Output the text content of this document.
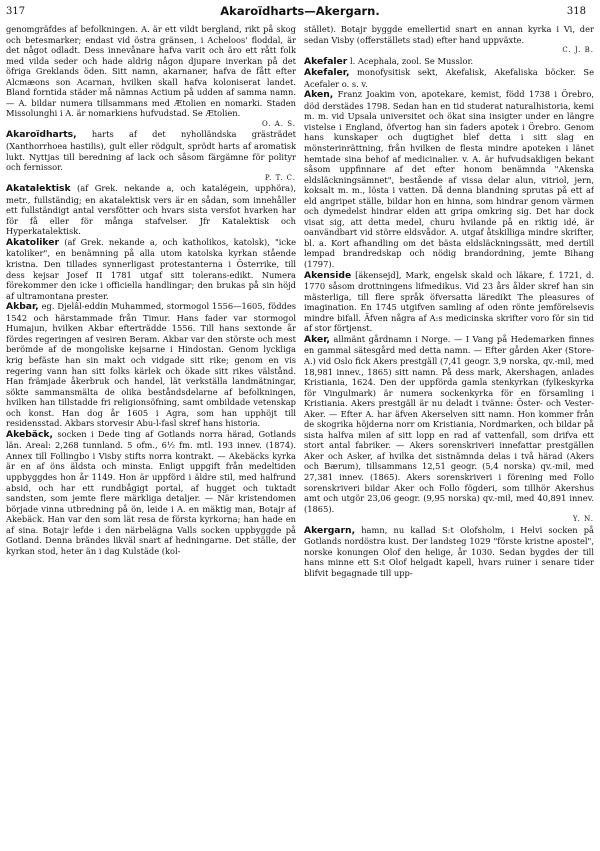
317	Akaroïdharts—Akergarn.	318

genomgräfdes af befolkningen. A. är ett vildt bergland, rikt på skog och betesmarker; endast vid östra gränsen, i Acheloos' floddal, är det något odladt. Dess innevånare hafva varit och äro ett rått folk med vilda seder och hade aldrig någon djupare inverkan på det öfriga Greklands öden. Sitt namn, akarnaner, hafva de fått efter Alcmæons son Acarnan, hvilken skall hafva koloniserat landet. Bland forntida städer må nämnas Actium på udden af samma namn. — A. bildar numera tillsammans med Ætolien en nomarki. Staden Missolunghi i A. är nomarkiens hufvudstad. Se Ætolien.
O. A. S.

Akaroïdharts, harts af det nyholländska grästrädet (Xanthorrhoea hastilis), gult eller rödgult, sprödt harts af aromatisk lukt. Nyttjas till beredning af lack och såsom färgämne för polityr och fernissor.
P. T. C.

Akatalektisk (af Grek. nekande a, och katalégein, upphöra), metr., fullständig; en akatalektisk vers är en sådan, som innehåller ett fullständigt antal versfötter och hvars sista versfot hvarken har för få eller för många stafvelser. Jfr Katalektisk och Hyperkatalektisk.

Akatoliker (af Grek. nekande a, och katholikos, katolsk), "icke katoliker", en benämning på alla utom katolska kyrkan stående kristna. Den tillades synnerligast protestanterna i Österrike, till dess kejsar Josef II 1781 utgaf sitt tolerans-edikt. Numera förekommer den icke i officiella handlingar; den brukas på sin höjd af ultramontana prester.

Akbar, eg. Djelâl-eddin Muhammed, stormogol 1556—1605, föddes 1542 och härstammade från Timur. Hans fader var stormogol Humajun, hvilken Akbar efterträdde 1556. Till hans sextonde år fördes regeringen af vesiren Beram. Akbar var den störste och mest berömde af de mongoliske kejsarne i Hindostan. Genom lyckliga krig befäste han sin makt och vidgade sitt rike; genom en vis regering vann han sitt folks kärlek och ökade sitt rikes välstånd. Han främjade åkerbruk och handel, lät verkställa landmätningar, sökte sammansmälta de olika beståndsdelarne af befolkningen, hvilken han tillstadde fri religionsöfning, samt ombildade vetenskap och konst. Han dog år 1605 i Agra, som han upphöjt till residensstad. Akbars storvesir Abu-l-fasl skref hans historia.

Akebäck, socken i Dede ting af Gotlands norra härad, Gotlands län. Areal: 2,268 tunnland. 5 ofm., 6½ fm. mtl. 193 innev. (1874). Annex till Follingbo i Visby stifts norra kontrakt. — Akebäcks kyrka är en af öns äldsta och minsta. Enligt uppgift från medeltiden uppbyggdes hon år 1149. Hon är uppförd i äldre stil, med halfrund absid, och har ett rundbågigt portal, af hugget och tuktadt sandsten, som jemte flere märkliga detaljer. — När kristendomen började vinna utbredning på ön, leide i A. en mäktig man, Botajr af Akebäck. Han var den som lät resa de första kyrkorna; han hade en af sina. Botajr lefde i den närbelägna Valls socken uppbyggde på Gotland. Denna brändes likväl snart af hedningarne. Det ställe, der kyrkan stod, heter än i dag Kulstäde (kol-

stället). Botajr byggde emellertid snart en annan kyrka i Vi, der sedan Visby (offerställets stad) efter hand uppväxte.
C. J. B.

Akefaler l. Acephala, zool. Se Musslor.

Akefaler, monofysitisk sekt, Akefalisk, Akefaliska böcker. Se Acefaler o. s. v.

Aken, Franz Joakim von, apotekare, kemist, född 1738 i Örebro, död derstädes 1798. Sedan han en tid studerat naturalhistoria, kemi m. m. vid Upsala universitet och ökat sina insigter under en längre vistelse i England, öfvertog han sin faders apotek i Örebro. Genom hans kunskaper och dugtighet blef detta i sitt slag en mönsterinrättning, från hvilken de flesta mindre apoteken i länet hemtade sina behof af medicinalier. v. A. är hufvudsakligen bekant såsom uppfinnare af det efter honom benämnda "Akenska eldsläckningsämnet", bestående af vissa delar alun, vitriol, jern, koksalt m. m., lösta i vatten. Då denna blandning sprutas på ett af eld angripet ställe, bildar hon en hinna, som hindrar genom värmen och dymedelst hindrar elden att gripa omkring sig. Det har dock visat sig, att detta medel, churu hvilande på en riktig idé, är oanvändbart vid större eldsvådor. A. utgaf åtskilliga mindre skrifter, bl. a. Kort afhandling om det bästa eldsläckningssätt, med dertill lempad brandredskap och nödig brandordning, jemte Bihang (1797).

Akenside [äkensejd], Mark, engelsk skald och läkare, f. 1721, d. 1770 såsom drottningens lifmedikus. Vid 23 års ålder skref han sin mästerliga, till flere språk öfversatta läredikt The pleasures of imagination. En 1745 utgifven samling af oden rönte jemförelsevis mindre bifall. Äfven några af A:s medicinska skrifter voro för sin tid af stor förtjenst.

Aker, allmänt gårdnamn i Norge. — I Vang på Hedemarken finnes en gammal sätesgård med detta namn. — Efter gården Aker (Store-A.) vid Oslo fick Akers prestgäll (7,41 geogr. 3,9 norska, qv.-mil, med 18,981 innev., 1865) sitt namn. På dess mark, Akershagen, anlades Kristiania, 1624. Den der uppförda gamla stenkyrkan (fylkeskyrka för Vingulmark) är numera sockenkyrka för en församling i Kristiania. Akers prestgäll är nu deladt i tvänne: Öster- och Vester-Aker. — Efter A. har äfven Akerselven sitt namn. Hon kommer från de skogrika höjderna norr om Kristiania, Nordmarken, och bildar på sista halfva milen af sitt lopp en rad af vattenfall, som drifva ett stort antal fabriker. — Akers sorenskriveri innefattar prestgällen Aker och Asker, af hvilka det sistnämnda delas i två härad (Akers och Bærum), tillsammans 12,51 geogr. (5,4 norska) qv.-mil, med 27,381 innev. (1865). Akers sorenskriveri i förening med Follo sorenskriveri bildar Aker och Follo fögderi, som tillhör Akershus amt och utgör 23,06 geogr. (9,95 norska) qv.-mil, med 40,891 innev. (1865).
Y. N.

Akergarn, hamn, nu kallad S:t Olofsholm, i Helvi socken på Gotlands nordöstra kust. Der landsteg 1029 "förste kristne apostel", norske konungen Olof den helige, år 1030. Sedan bygdes der till hans minne ett S:t Olof helgadt kapell, hvars ruiner i senare tider blifvit begagnade till upp-
